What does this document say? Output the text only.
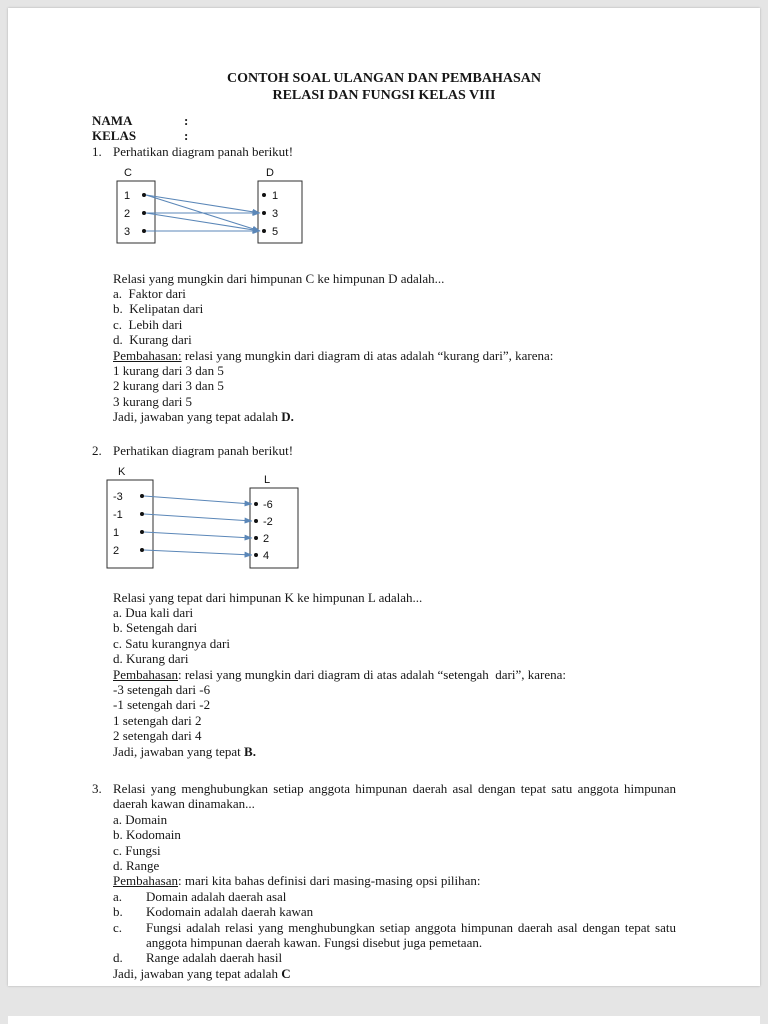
CONTOH SOAL ULANGAN DAN PEMBAHASAN
RELASI DAN FUNGSI KELAS VIII
NAMA	:
KELAS	:
1. Perhatikan diagram panah berikut!
C	D
1
2
3
1
3
5
Relasi yang mungkin dari himpunan C ke himpunan D adalah...
a.  Faktor dari
b.  Kelipatan dari
c.  Lebih dari
d.  Kurang dari
Pembahasan: relasi yang mungkin dari diagram di atas adalah “kurang dari”, karena:
1 kurang dari 3 dan 5
2 kurang dari 3 dan 5
3 kurang dari 5
Jadi, jawaban yang tepat adalah D.
2. Perhatikan diagram panah berikut!
K
L
-3
-1
1
2
-6
-2
2
4
Relasi yang tepat dari himpunan K ke himpunan L adalah...
a. Dua kali dari
b. Setengah dari
c. Satu kurangnya dari
d. Kurang dari
Pembahasan: relasi yang mungkin dari diagram di atas adalah “setengah  dari”, karena:
-3 setengah dari -6
-1 setengah dari -2
1 setengah dari 2
2 setengah dari 4
Jadi, jawaban yang tepat B.
3. Relasi yang menghubungkan setiap anggota himpunan daerah asal dengan tepat satu anggota himpunan daerah kawan dinamakan...
a. Domain
b. Kodomain
c. Fungsi
d. Range
Pembahasan: mari kita bahas definisi dari masing-masing opsi pilihan:
a.	Domain adalah daerah asal
b.	Kodomain adalah daerah kawan
c.	Fungsi adalah relasi yang menghubungkan setiap anggota himpunan daerah asal dengan tepat satu anggota himpunan daerah kawan. Fungsi disebut juga pemetaan.
d.	Range adalah daerah hasil
Jadi, jawaban yang tepat adalah C
